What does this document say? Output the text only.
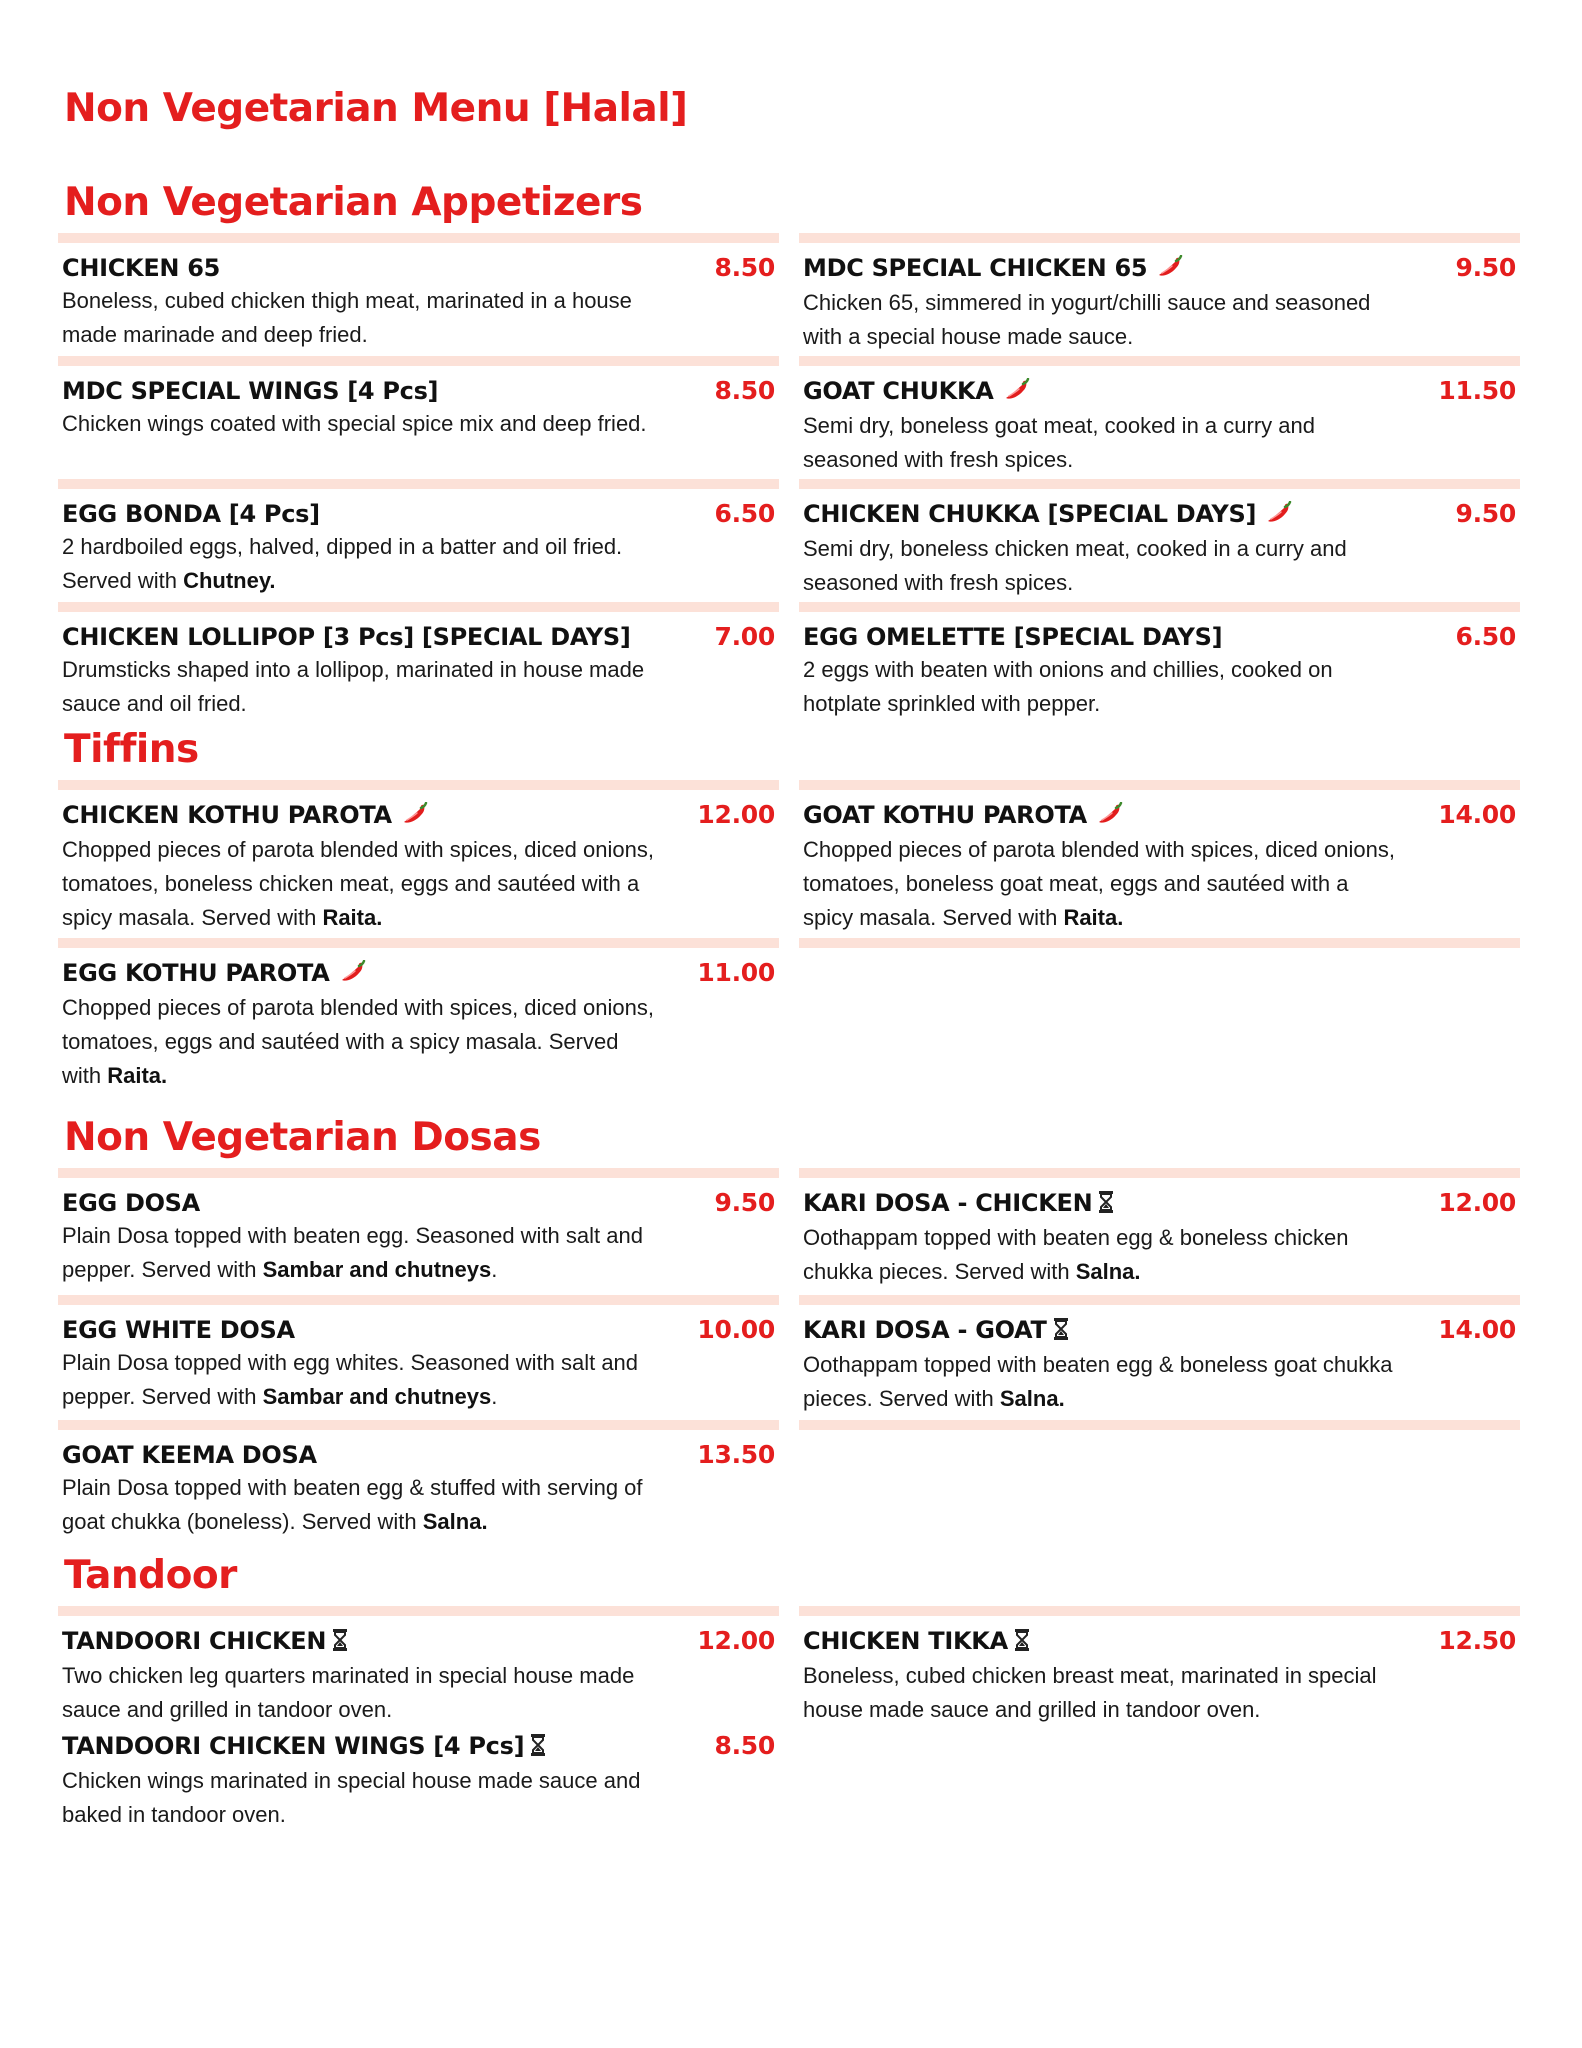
Non Vegetarian Menu [Halal]
Non Vegetarian Appetizers
CHICKEN 65	8.50
Boneless, cubed chicken thigh meat, marinated in a house made marinade and deep fried.
MDC SPECIAL WINGS [4 Pcs]	8.50
Chicken wings coated with special spice mix and deep fried.
EGG BONDA [4 Pcs]	6.50
2 hardboiled eggs, halved, dipped in a batter and oil fried. Served with Chutney.
CHICKEN LOLLIPOP [3 Pcs] [SPECIAL DAYS]	7.00
Drumsticks shaped into a lollipop, marinated in house made sauce and oil fried.
MDC SPECIAL CHICKEN 65	9.50
Chicken 65, simmered in yogurt/chilli sauce and seasoned with a special house made sauce.
GOAT CHUKKA	11.50
Semi dry, boneless goat meat, cooked in a curry and seasoned with fresh spices.
CHICKEN CHUKKA [SPECIAL DAYS]	9.50
Semi dry, boneless chicken meat, cooked in a curry and seasoned with fresh spices.
EGG OMELETTE [SPECIAL DAYS]	6.50
2 eggs with beaten with onions and chillies, cooked on hotplate sprinkled with pepper.
Tiffins
CHICKEN KOTHU PAROTA	12.00
Chopped pieces of parota blended with spices, diced onions, tomatoes, boneless chicken meat, eggs and sautéed with a spicy masala. Served with Raita.
EGG KOTHU PAROTA	11.00
Chopped pieces of parota blended with spices, diced onions, tomatoes, eggs and sautéed with a spicy masala. Served with Raita.
GOAT KOTHU PAROTA	14.00
Chopped pieces of parota blended with spices, diced onions, tomatoes, boneless goat meat, eggs and sautéed with a spicy masala. Served with Raita.
Non Vegetarian Dosas
EGG DOSA	9.50
Plain Dosa topped with beaten egg. Seasoned with salt and pepper. Served with Sambar and chutneys.
EGG WHITE DOSA	10.00
Plain Dosa topped with egg whites. Seasoned with salt and pepper. Served with Sambar and chutneys.
GOAT KEEMA DOSA	13.50
Plain Dosa topped with beaten egg & stuffed with serving of goat chukka (boneless). Served with Salna.
KARI DOSA - CHICKEN	12.00
Oothappam topped with beaten egg & boneless chicken chukka pieces. Served with Salna.
KARI DOSA - GOAT	14.00
Oothappam topped with beaten egg & boneless goat chukka pieces. Served with Salna.
Tandoor
TANDOORI CHICKEN	12.00
Two chicken leg quarters marinated in special house made sauce and grilled in tandoor oven.
TANDOORI CHICKEN WINGS [4 Pcs]	8.50
Chicken wings marinated in special house made sauce and baked in tandoor oven.
CHICKEN TIKKA	12.50
Boneless, cubed chicken breast meat, marinated in special house made sauce and grilled in tandoor oven.
